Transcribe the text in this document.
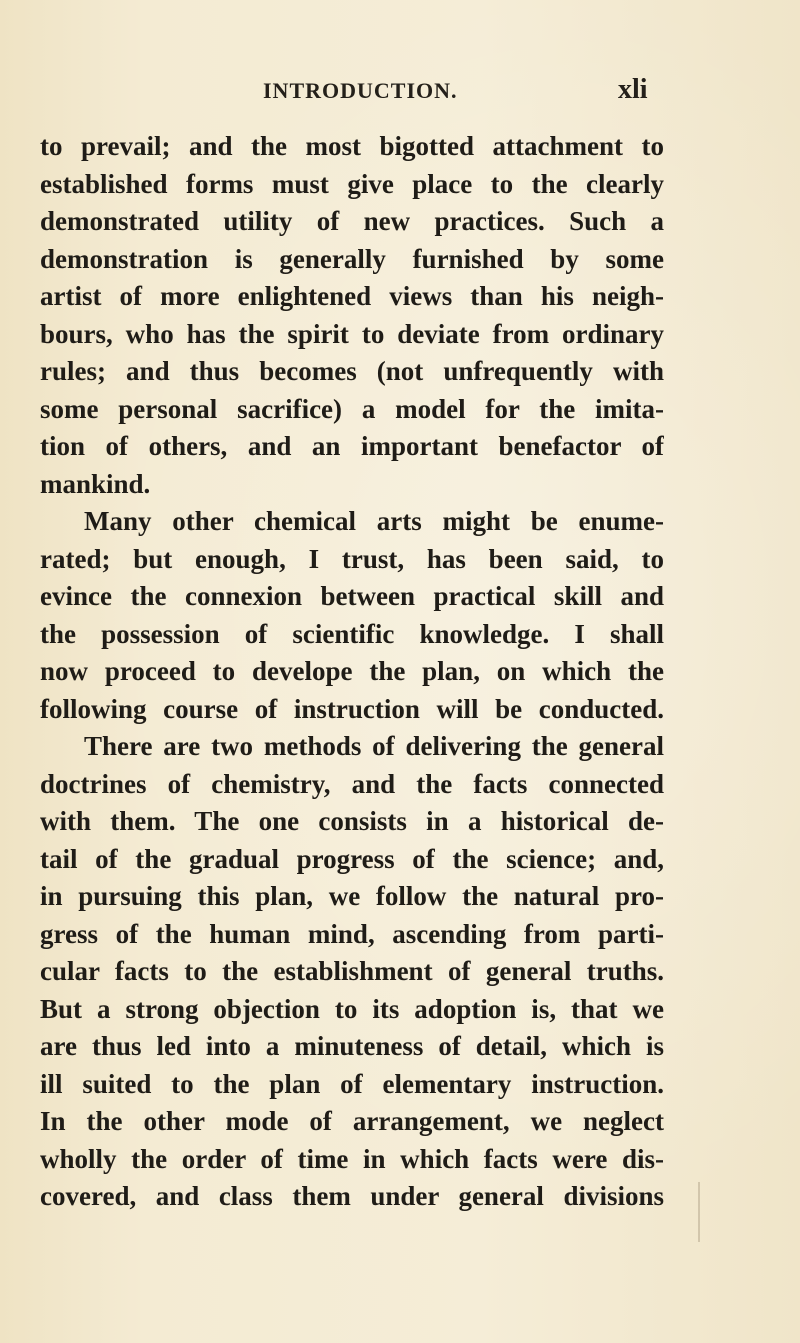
INTRODUCTION.	xli
to prevail; and the most bigotted attachment to
established forms must give place to the clearly
demonstrated utility of new practices. Such a
demonstration is generally furnished by some
artist of more enlightened views than his neigh-
bours, who has the spirit to deviate from ordinary
rules; and thus becomes (not unfrequently with
some personal sacrifice) a model for the imita-
tion of others, and an important benefactor of
mankind.
Many other chemical arts might be enume-
rated; but enough, I trust, has been said, to
evince the connexion between practical skill and
the possession of scientific knowledge. I shall
now proceed to develope the plan, on which the
following course of instruction will be conducted.
There are two methods of delivering the general
doctrines of chemistry, and the facts connected
with them. The one consists in a historical de-
tail of the gradual progress of the science; and,
in pursuing this plan, we follow the natural pro-
gress of the human mind, ascending from parti-
cular facts to the establishment of general truths.
But a strong objection to its adoption is, that we
are thus led into a minuteness of detail, which is
ill suited to the plan of elementary instruction.
In the other mode of arrangement, we neglect
wholly the order of time in which facts were dis-
covered, and class them under general divisions
